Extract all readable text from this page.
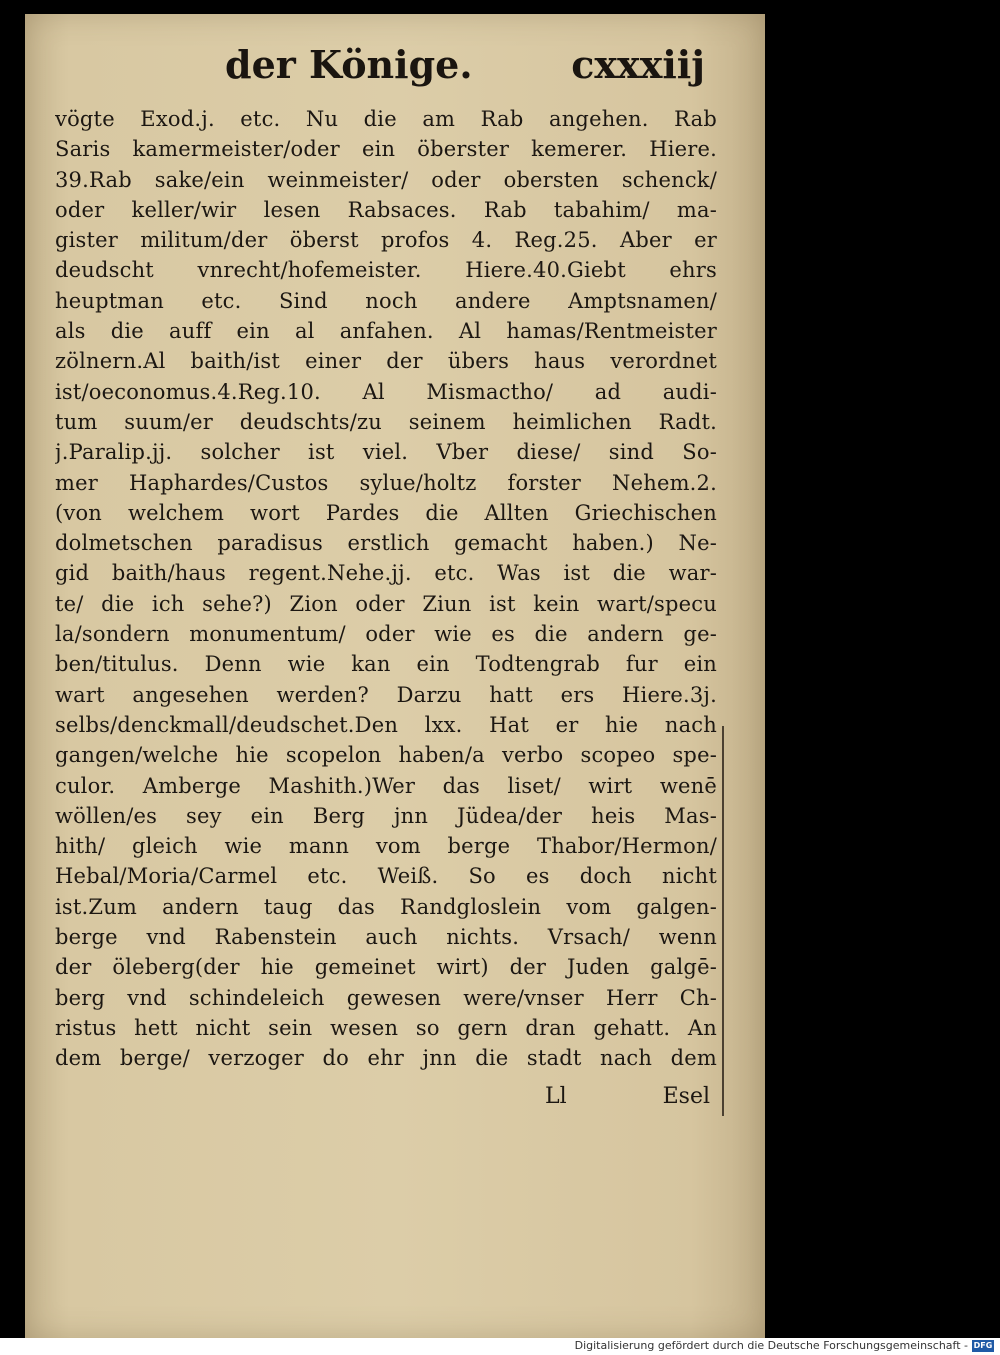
der Könige.	cxxxiij
vögte Exod.j. etc. Nu die am Rab angehen. Rab
Saris kamermeister/oder ein öberster kemerer. Hiere.
39.Rab sake/ein weinmeister/ oder obersten schenck/
oder keller/wir lesen Rabsaces. Rab tabahim/ ma-
gister militum/der öberst profos 4. Reg.25. Aber er
deudscht vnrecht/hofemeister. Hiere.40.Giebt ehrs
heuptman etc. Sind noch andere Amptsnamen/
als die auff ein al anfahen. Al hamas/Rentmeister
zölnern.Al baith/ist einer der übers haus verordnet
ist/oeconomus.4.Reg.10. Al Mismactho/ ad audi-
tum suum/er deudschts/zu seinem heimlichen Radt.
j.Paralip.jj. solcher ist viel. Vber diese/ sind So-
mer Haphardes/Custos sylue/holtz forster Nehem.2.
(von welchem wort Pardes die Allten Griechischen
dolmetschen paradisus erstlich gemacht haben.) Ne-
gid baith/haus regent.Nehe.jj. etc. Was ist die war-
te/ die ich sehe?) Zion oder Ziun ist kein wart/specu
la/sondern monumentum/ oder wie es die andern ge-
ben/titulus. Denn wie kan ein Todtengrab fur ein
wart angesehen werden? Darzu hatt ers Hiere.3j.
selbs/denckmall/deudschet.Den lxx. Hat er hie nach
gangen/welche hie scopelon haben/a verbo scopeo spe-
culor. Amberge Mashith.)Wer das liset/ wirt wenē
wöllen/es sey ein Berg jnn Jüdea/der heis Mas-
hith/ gleich wie mann vom berge Thabor/Hermon/
Hebal/Moria/Carmel etc. Weiß. So es doch nicht
ist.Zum andern taug das Randgloslein vom galgen-
berge vnd Rabenstein auch nichts. Vrsach/ wenn
der öleberg(der hie gemeinet wirt) der Juden galgē-
berg vnd schindeleich gewesen were/vnser Herr Ch-
ristus hett nicht sein wesen so gern dran gehatt. An
dem berge/ verzoger do ehr jnn die stadt nach dem
Ll	Esel
Digitalisierung gefördert durch die Deutsche Forschungsgemeinschaft - DFG
